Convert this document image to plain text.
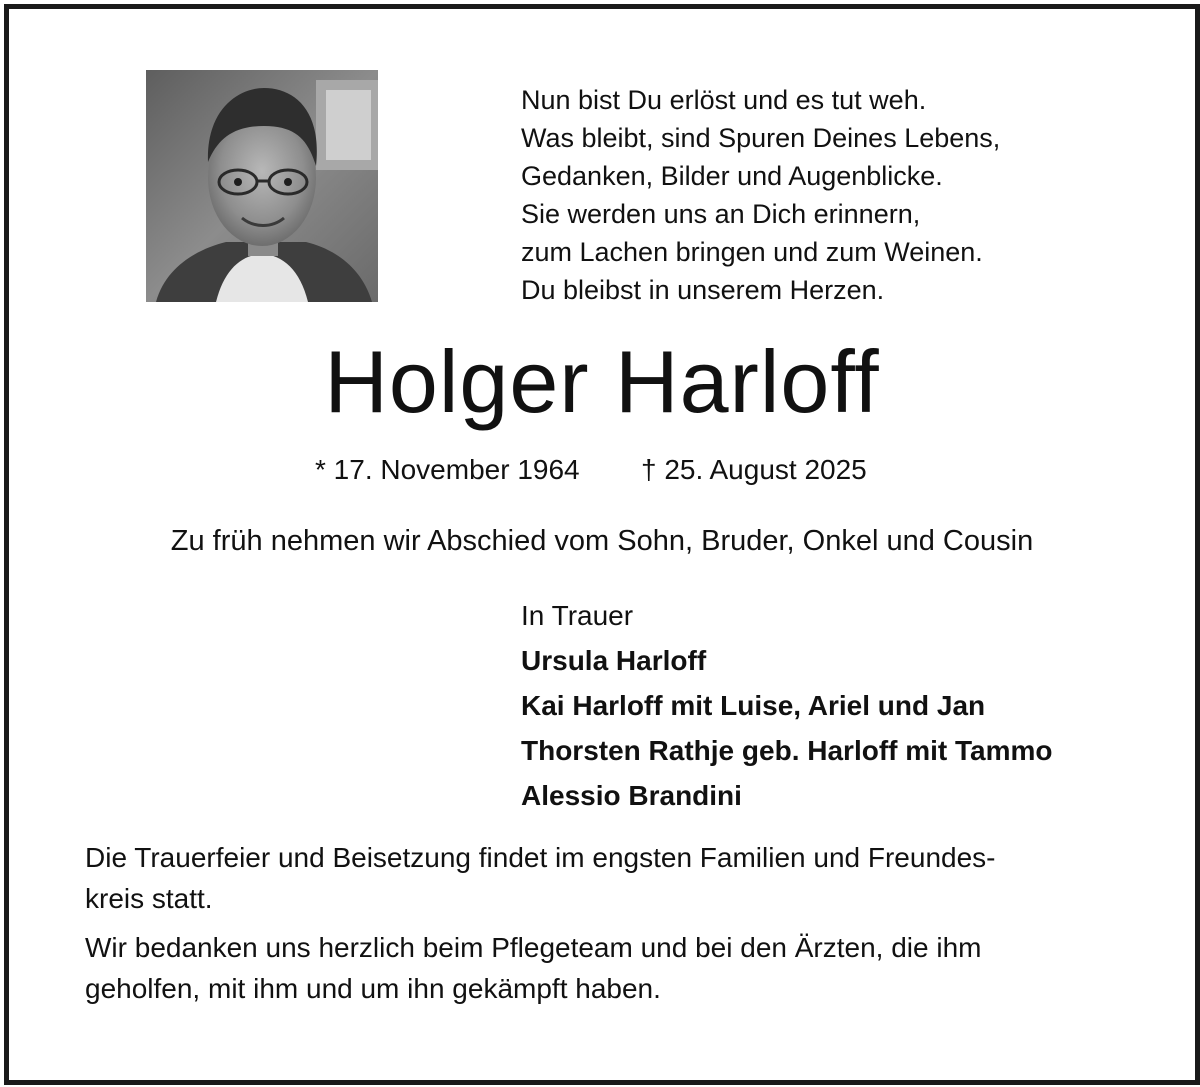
Nun bist Du erlöst und es tut weh.
Was bleibt, sind Spuren Deines Lebens,
Gedanken, Bilder und Augenblicke.
Sie werden uns an Dich erinnern,
zum Lachen bringen und zum Weinen.
Du bleibst in unserem Herzen.
Holger Harloff
* 17. November 1964 † 25. August 2025
Zu früh nehmen wir Abschied vom Sohn, Bruder, Onkel und Cousin
In Trauer
Ursula Harloff
Kai Harloff mit Luise, Ariel und Jan
Thorsten Rathje geb. Harloff mit Tammo
Alessio Brandini

Die Trauerfeier und Beisetzung findet im engsten Familien und Freundes-
kreis statt.

Wir bedanken uns herzlich beim Pflegeteam und bei den Ärzten, die ihm
geholfen, mit ihm und um ihn gekämpft haben.
